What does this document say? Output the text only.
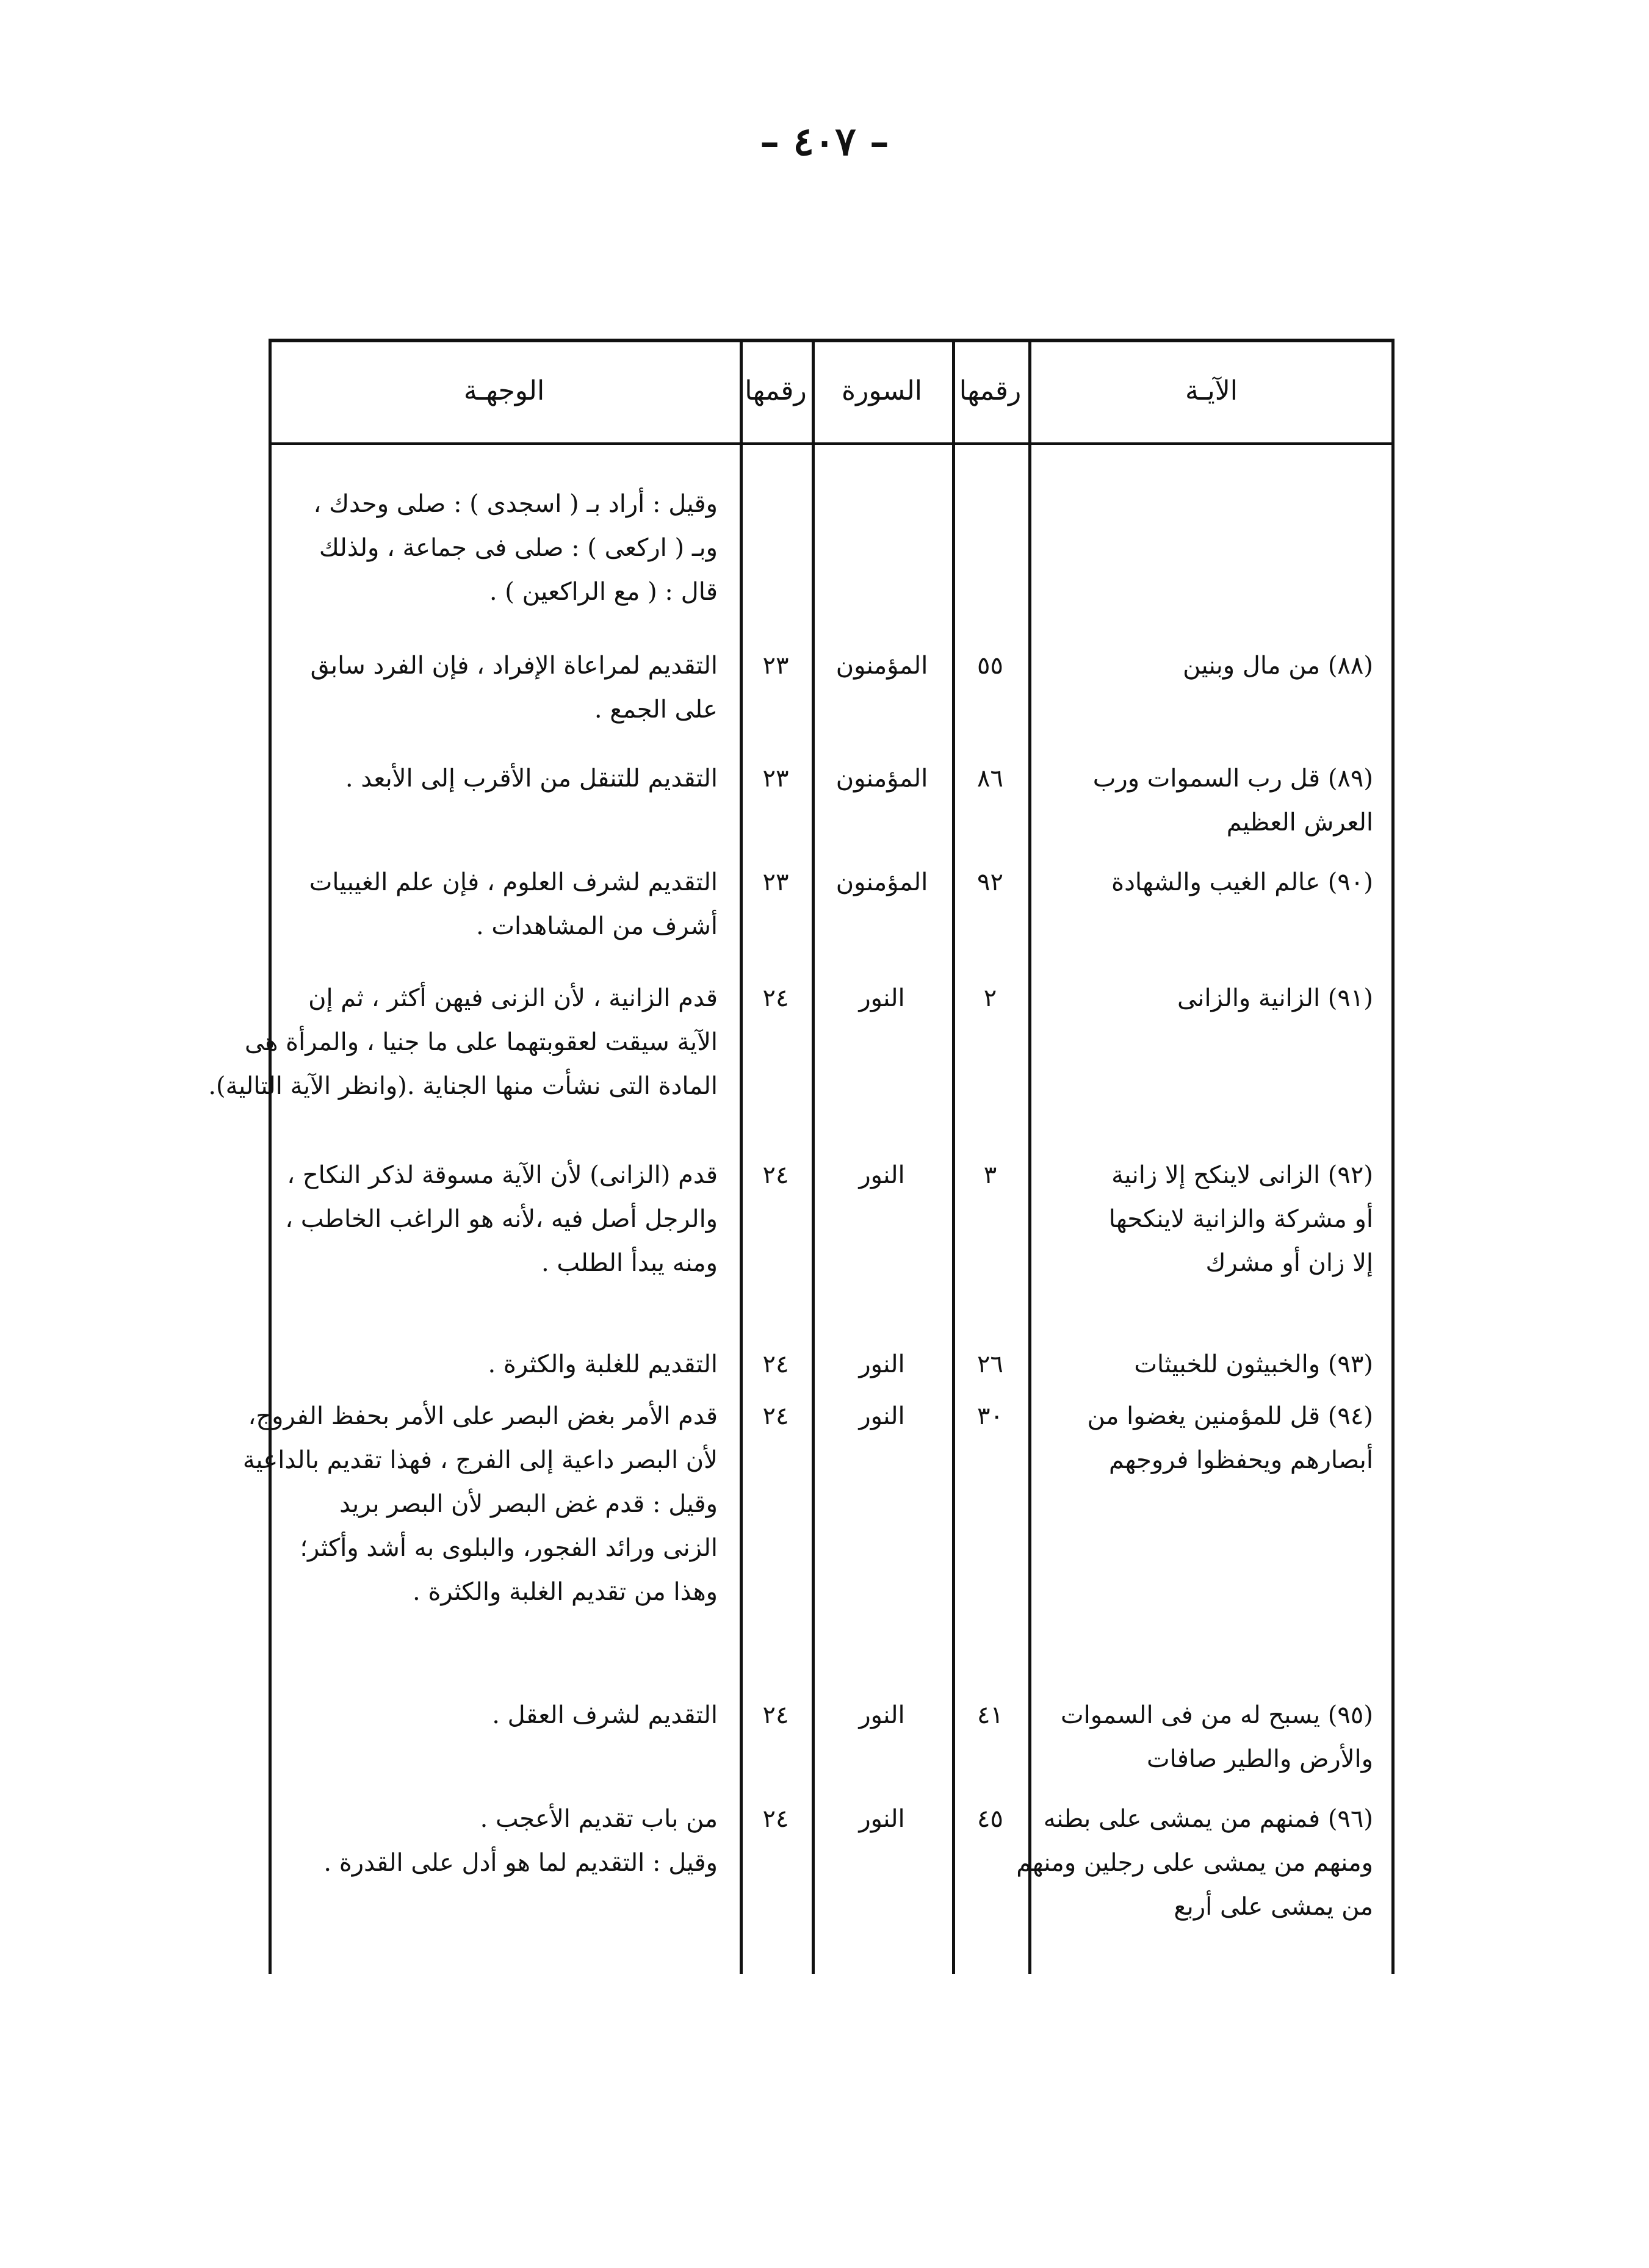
– ٤٠٧ –
الآيـة
رقمها
السورة
رقمها
الوجهـة
وقيل : أراد بـ ( اسجدى ) : صلى وحدك ،
وبـ ( اركعى ) : صلى فى جماعة ، ولذلك
قال : ( مع الراكعين ) .
(٨٨) من مال وبنين
٥٥
المؤمنون
٢٣
التقديم لمراعاة الإفراد ، فإن الفرد سابق
على الجمع .
(٨٩) قل رب السموات ورب
العرش العظيم
٨٦
المؤمنون
٢٣
التقديم للتنقل من الأقرب إلى الأبعد .
(٩٠) عالم الغيب والشهادة
٩٢
المؤمنون
٢٣
التقديم لشرف العلوم ، فإن علم الغيبيات
أشرف من المشاهدات .
(٩١) الزانية والزانى
٢
النور
٢٤
قدم الزانية ، لأن الزنى فيهن أكثر ، ثم إن
الآية سيقت لعقوبتهما على ما جنيا ، والمرأة هى
المادة التى نشأت منها الجناية .(وانظر الآية التالية).
(٩٢) الزانى لاينكح إلا زانية
أو مشركة والزانية لاينكحها
إلا زان أو مشرك
٣
النور
٢٤
قدم (الزانى) لأن الآية مسوقة لذكر النكاح ،
والرجل أصل فيه ،لأنه هو الراغب الخاطب ،
ومنه يبدأ الطلب .
(٩٣) والخبيثون للخبيثات
٢٦
النور
٢٤
التقديم للغلبة والكثرة .
(٩٤) قل للمؤمنين يغضوا من
أبصارهم ويحفظوا فروجهم
٣٠
النور
٢٤
قدم الأمر بغض البصر على الأمر بحفظ الفروج،
لأن البصر داعية إلى الفرج ، فهذا تقديم بالداعية
وقيل : قدم غض البصر لأن البصر بريد
الزنى ورائد الفجور، والبلوى به أشد وأكثر؛
وهذا من تقديم الغلبة والكثرة .
(٩٥) يسبح له من فى السموات
والأرض والطير صافات
٤١
النور
٢٤
التقديم لشرف العقل .
(٩٦) فمنهم من يمشى على بطنه
ومنهم من يمشى على رجلين ومنهم
من يمشى على أربع
٤٥
النور
٢٤
من باب تقديم الأعجب .
وقيل : التقديم لما هو أدل على القدرة .
